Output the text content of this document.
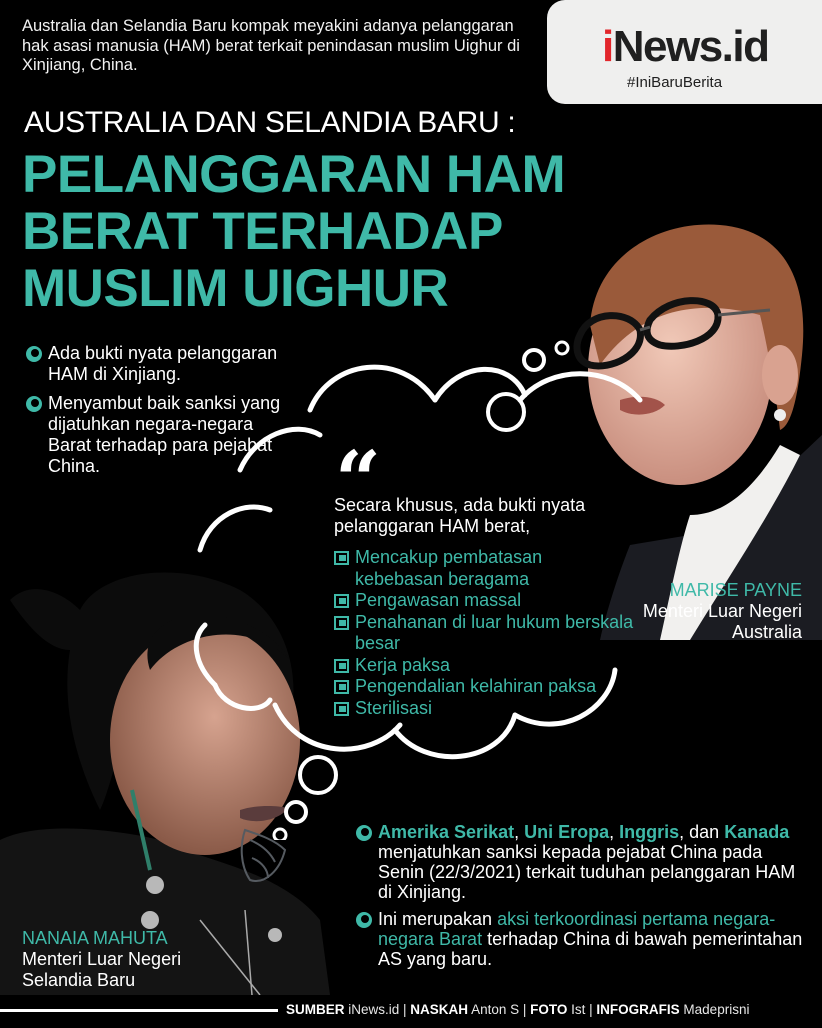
Australia dan Selandia Baru kompak meyakini adanya pelanggaran hak asasi manusia (HAM) berat terkait penindasan muslim Uighur di Xinjiang, China.	iNews.id
#IniBaruBerita
AUSTRALIA DAN SELANDIA BARU :
PELANGGARAN HAM
BERAT TERHADAP
MUSLIM UIGHUR
Ada bukti nyata pelanggaran HAM di Xinjiang.
Menyambut baik sanksi yang dijatuhkan negara-negara Barat terhadap para pejabat China.	“

Secara khusus, ada bukti nyata pelanggaran HAM berat,

Mencakup pembatasan kebebasan beragama
Pengawasan massal
Penahanan di luar hukum berskala besar
Kerja paksa
Pengendalian kelahiran paksa
Sterilisasi
MARISE PAYNE
Menteri Luar Negeri
Australia
NANAIA MAHUTA
Menteri Luar Negeri
Selandia Baru
Amerika Serikat, Uni Eropa, Inggris, dan Kanada menjatuhkan sanksi kepada pejabat China pada Senin (22/3/2021) terkait tuduhan pelanggaran HAM di Xinjiang.
Ini merupakan aksi terkoordinasi pertama negara-negara Barat terhadap China di bawah pemerintahan AS yang baru.
SUMBER iNews.id | NASKAH Anton S | FOTO Ist | INFOGRAFIS Madeprisni
